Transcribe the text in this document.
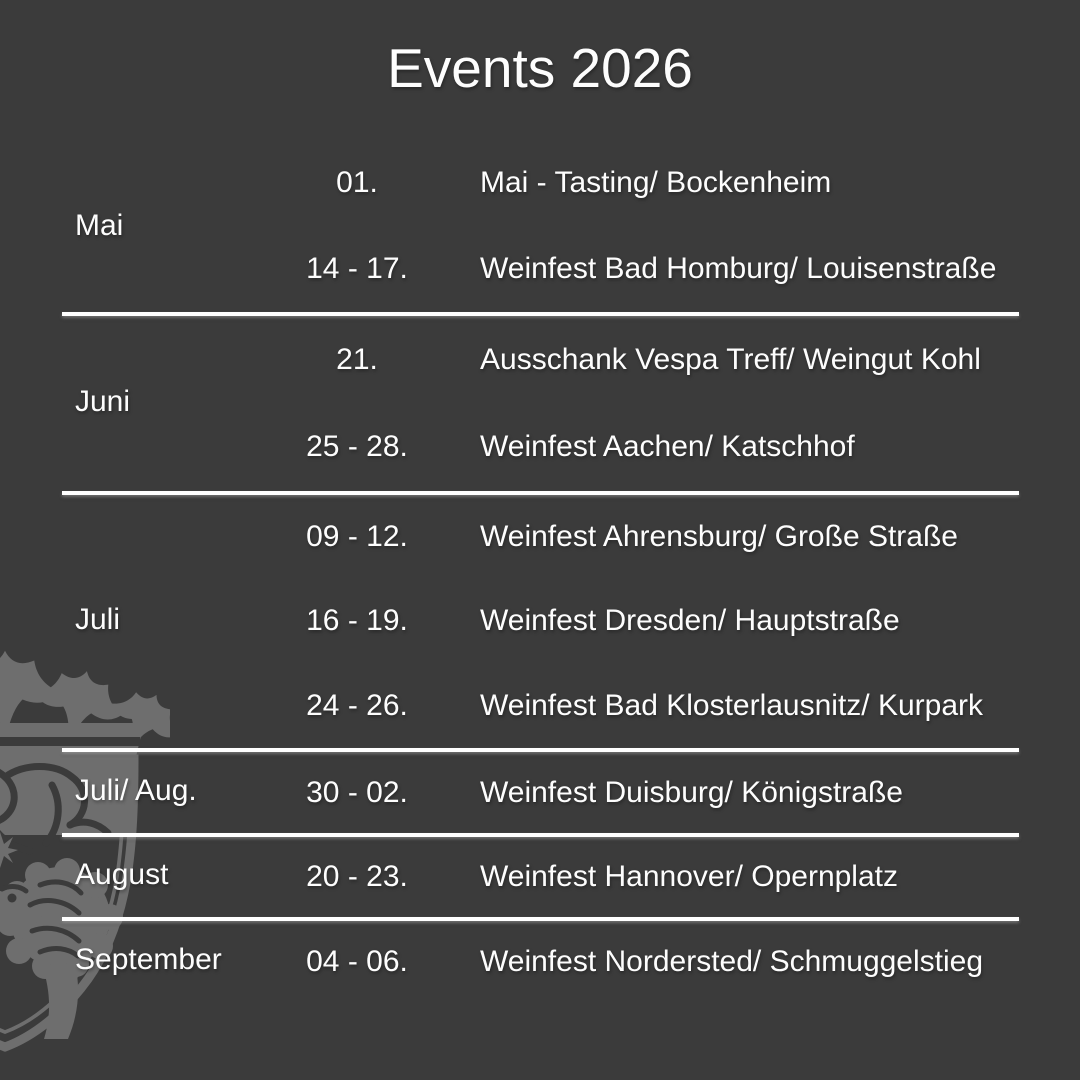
Events 2026
Mai
01.	Mai - Tasting/ Bockenheim
14 - 17.	Weinfest Bad Homburg/ Louisenstraße
Juni
21.	Ausschank Vespa Treff/ Weingut Kohl
25 - 28.	Weinfest Aachen/ Katschhof
Juli
09 - 12.	Weinfest Ahrensburg/ Große Straße
16 - 19.	Weinfest Dresden/ Hauptstraße
24 - 26.	Weinfest Bad Klosterlausnitz/ Kurpark
Juli/ Aug.	30 - 02.	Weinfest Duisburg/ Königstraße
August	20 - 23.	Weinfest Hannover/ Opernplatz
September	04 - 06.	Weinfest Nordersted/ Schmuggelstieg
